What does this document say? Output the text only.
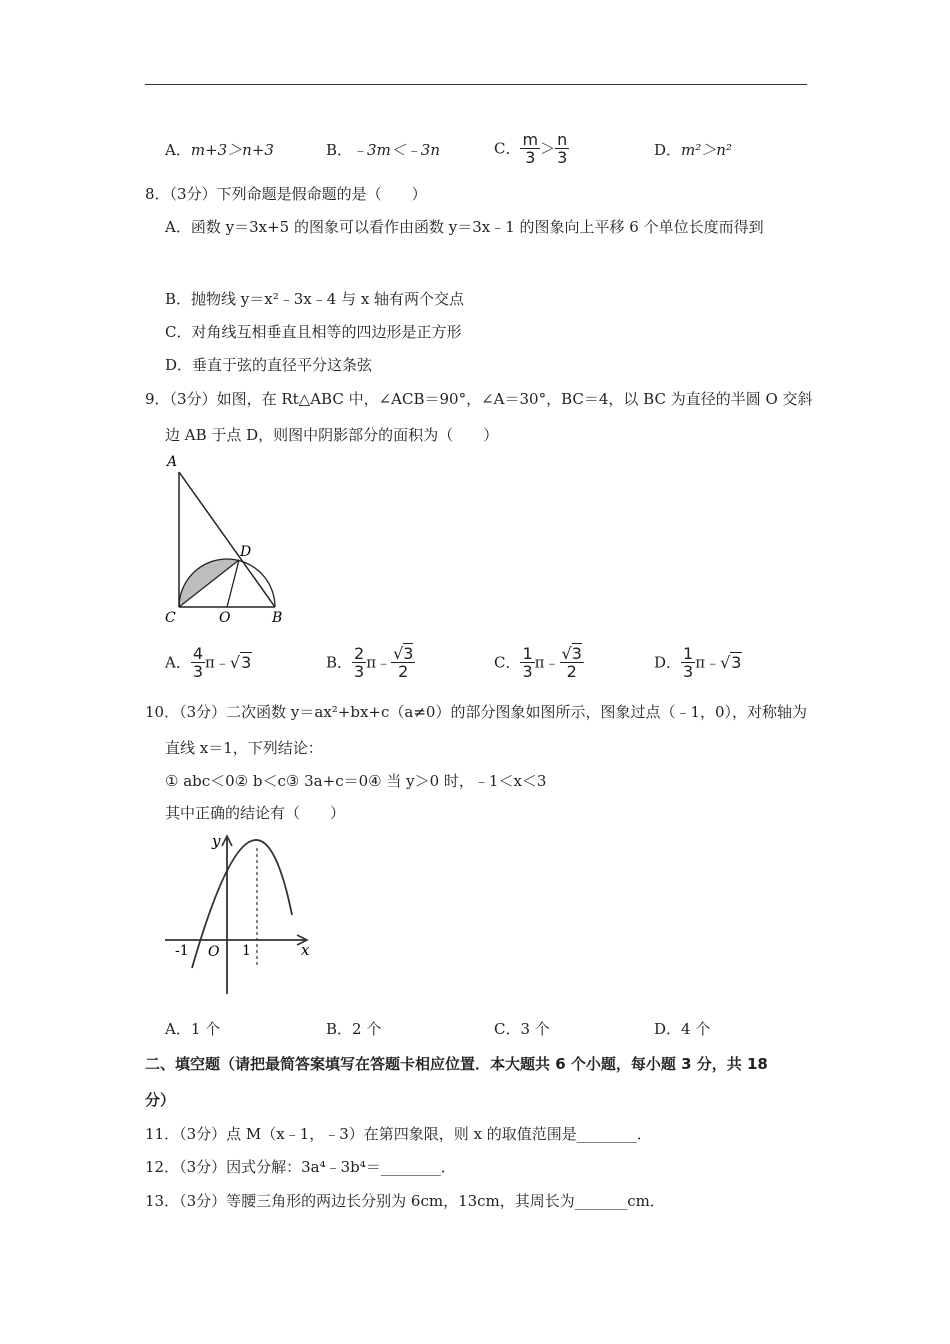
A．m+3＞n+3	B．﹣3m＜﹣3n	C． $\frac{m}{3} > \frac{n}{3}$	D．m²＞n²
8．（3分）下列命题是假命题的是（　　）
A．函数 y＝3x+5 的图象可以看作由函数 y＝3x﹣1 的图象向上平移 6 个单位长度而得到
B．抛物线 y＝x²﹣3x﹣4 与 x 轴有两个交点
C．对角线互相垂直且相等的四边形是正方形
D．垂直于弦的直径平分这条弦
9．（3分）如图，在 Rt△ABC 中，∠ACB＝90°，∠A＝30°，BC＝4，以 BC 为直径的半圆 O 交斜
边 AB 于点 D，则图中阴影部分的面积为（　　）
A
D
C	O	B
A． $\frac{4}{3}$ π﹣√3	B． $\frac{2}{3}$ π﹣ $\frac{√3}{2}$	C． $\frac{1}{3}$ π﹣ $\frac{√3}{2}$	D． $\frac{1}{3}$ π﹣√3
10．（3分）二次函数 y＝ax²+bx+c（a≠0）的部分图象如图所示，图象过点（﹣1，0），对称轴为
直线 x＝1，下列结论：
① abc＜0② b＜c③ 3a+c＝0④ 当 y＞0 时，﹣1＜x＜3
其中正确的结论有（　　）
y
x
-1 O 1
A．1 个	B．2 个	C．3 个	D．4 个
二、填空题（请把最简答案填写在答题卡相应位置．本大题共 6 个小题，每小题 3 分，共 18
分）
11．（3分）点 M（x﹣1，﹣3）在第四象限，则 x 的取值范围是________．
12．（3分）因式分解：3a⁴﹣3b⁴＝________．
13．（3分）等腰三角形的两边长分别为 6cm，13cm，其周长为_______cm．
